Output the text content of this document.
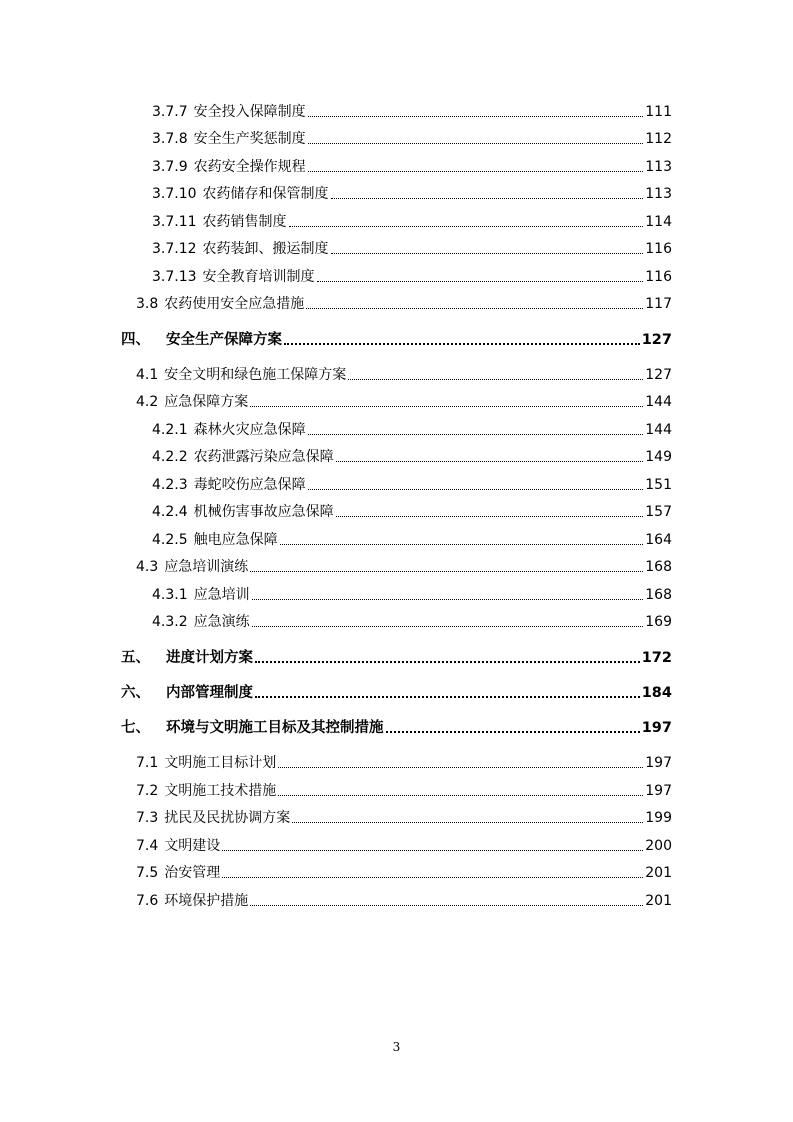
3.7.7 安全投入保障制度	111
3.7.8 安全生产奖惩制度	112
3.7.9 农药安全操作规程	113
3.7.10 农药储存和保管制度	113
3.7.11 农药销售制度	114
3.7.12 农药装卸、搬运制度	116
3.7.13 安全教育培训制度	116
3.8 农药使用安全应急措施	117
四、	安全生产保障方案	127
4.1 安全文明和绿色施工保障方案	127
4.2 应急保障方案	144
4.2.1 森林火灾应急保障	144
4.2.2 农药泄露污染应急保障	149
4.2.3 毒蛇咬伤应急保障	151
4.2.4 机械伤害事故应急保障	157
4.2.5 触电应急保障	164
4.3 应急培训演练	168
4.3.1 应急培训	168
4.3.2 应急演练	169
五、	进度计划方案	172
六、	内部管理制度	184
七、	环境与文明施工目标及其控制措施	197
7.1 文明施工目标计划	197
7.2 文明施工技术措施	197
7.3 扰民及民扰协调方案	199
7.4 文明建设	200
7.5 治安管理	201
7.6 环境保护措施	201
3
